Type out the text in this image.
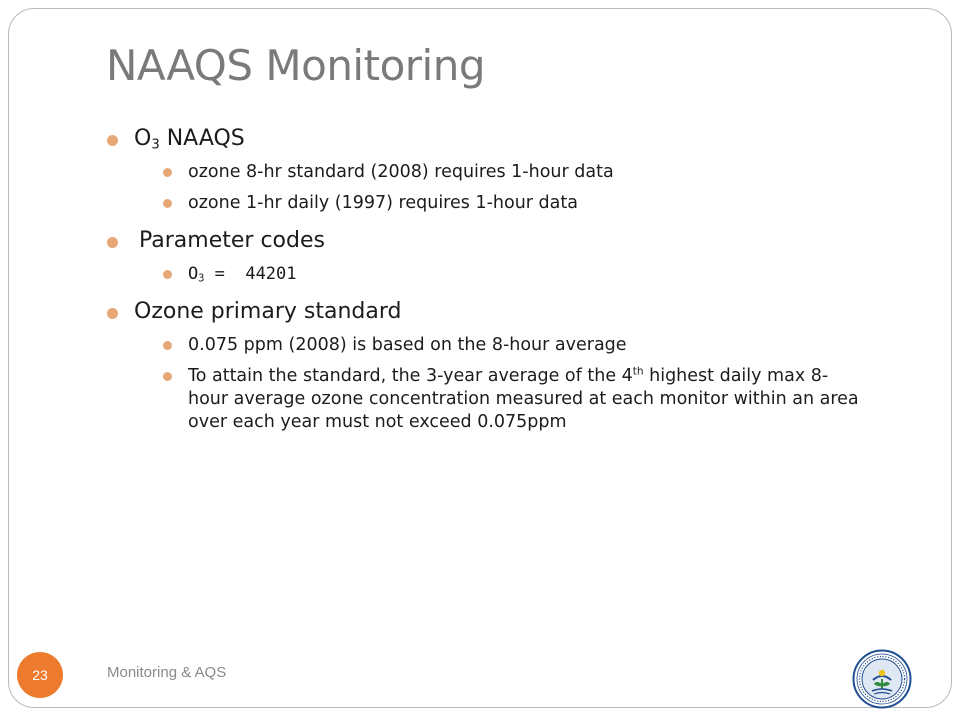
NAAQS Monitoring
$O_3$ NAAQS
ozone 8-hr standard (2008) requires 1-hour data
ozone 1-hr daily (1997) requires 1-hour data
Parameter codes
$O_3 = 44201$
Ozone primary standard
0.075 ppm (2008) is based on the 8-hour average
To attain the standard, the 3-year average of the 4th highest daily max 8-hour average ozone concentration measured at each monitor within an area over each year must not exceed 0.075ppm
23	Monitoring & AQS
